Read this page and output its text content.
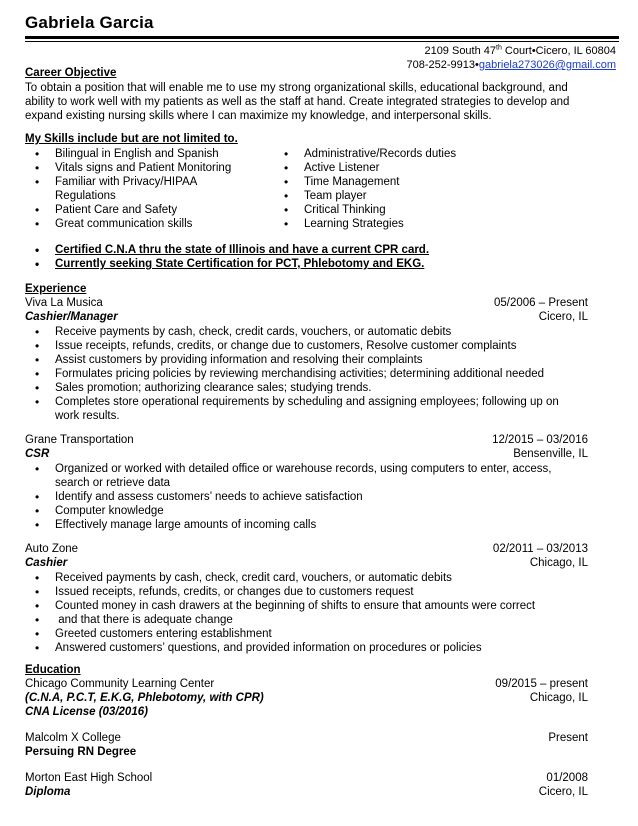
Gabriela Garcia
2109 South 47th Court•Cicero, IL 60804
708-252-9913•gabriela273026@gmail.com
Career Objective
To obtain a position that will enable me to use my strong organizational skills, educational background, and ability to work well with my patients as well as the staff at hand. Create integrated strategies to develop and expand existing nursing skills where I can maximize my knowledge, and interpersonal skills.
My Skills include but are not limited to.
• Bilingual in English and Spanish
• Vitals signs and Patient Monitoring
• Familiar with Privacy/HIPAA Regulations
• Patient Care and Safety
• Great communication skills
• Administrative/Records duties
• Active Listener
• Time Management
• Team player
• Critical Thinking
• Learning Strategies
• Certified C.N.A thru the state of Illinois and have a current CPR card.
• Currently seeking State Certification for PCT, Phlebotomy and EKG.
Experience
Viva La Musica	05/2006 – Present
Cashier/Manager	Cicero, IL
• Receive payments by cash, check, credit cards, vouchers, or automatic debits
• Issue receipts, refunds, credits, or change due to customers, Resolve customer complaints
• Assist customers by providing information and resolving their complaints
• Formulates pricing policies by reviewing merchandising activities; determining additional needed
• Sales promotion; authorizing clearance sales; studying trends.
• Completes store operational requirements by scheduling and assigning employees; following up on work results.
Grane Transportation	12/2015 – 03/2016
CSR	Bensenville, IL
• Organized or worked with detailed office or warehouse records, using computers to enter, access, search or retrieve data
• Identify and assess customers’ needs to achieve satisfaction
• Computer knowledge
• Effectively manage large amounts of incoming calls
Auto Zone	02/2011 – 03/2013
Cashier	Chicago, IL
• Received payments by cash, check, credit card, vouchers, or automatic debits
• Issued receipts, refunds, credits, or changes due to customers request
• Counted money in cash drawers at the beginning of shifts to ensure that amounts were correct
•  and that there is adequate change
• Greeted customers entering establishment
• Answered customers’ questions, and provided information on procedures or policies
Education
Chicago Community Learning Center	09/2015 – present
(C.N.A, P.C.T, E.K.G, Phlebotomy, with CPR)	Chicago, IL
CNA License (03/2016)
Malcolm X College	Present
Persuing RN Degree
Morton East High School	01/2008
Diploma	Cicero, IL
